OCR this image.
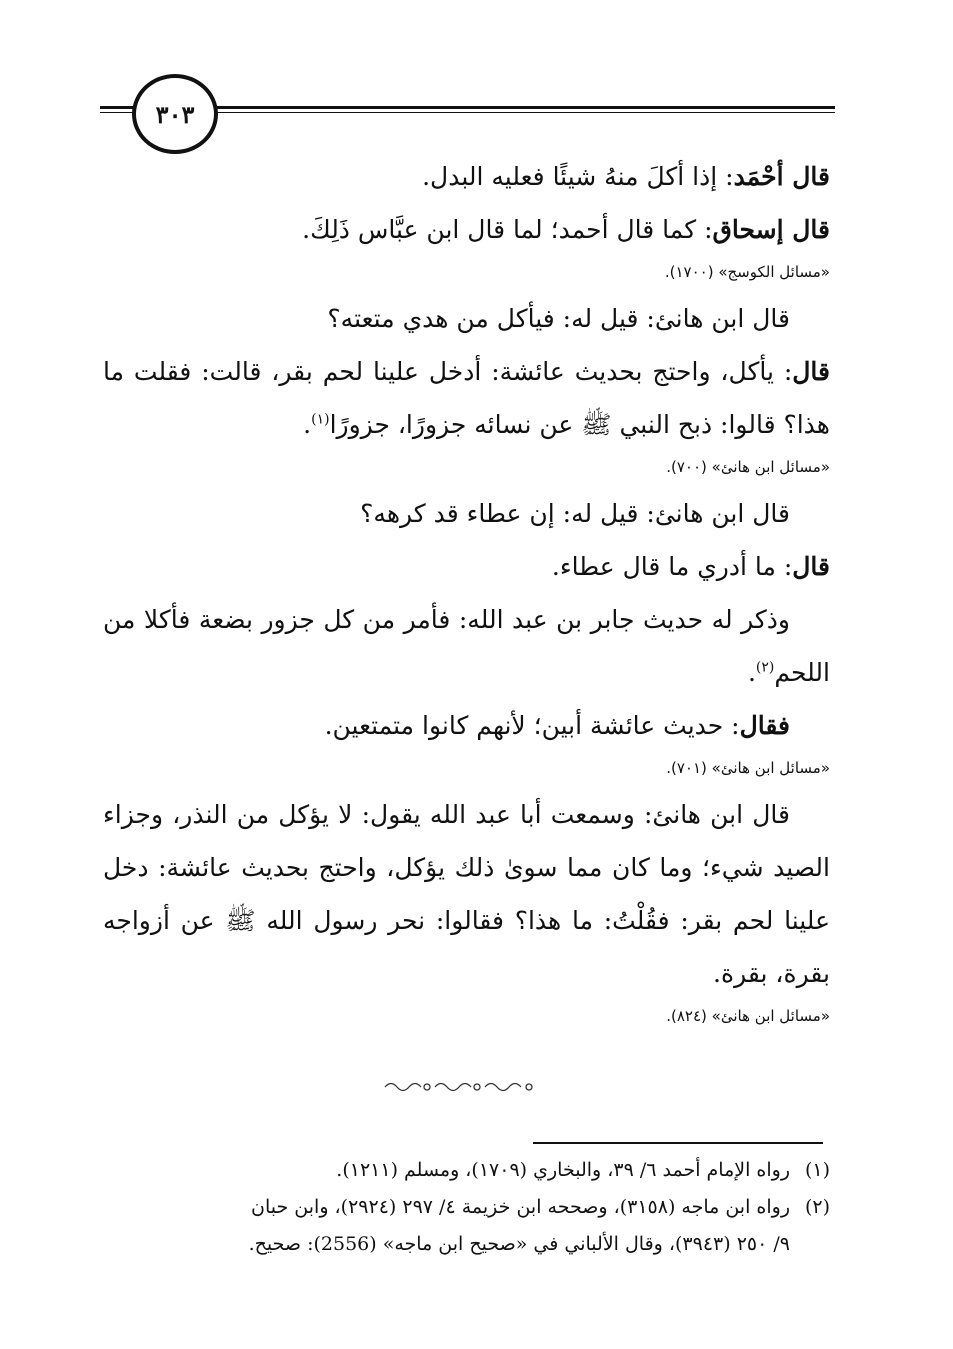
٣٠٣

قال أحْمَد: إذا أكلَ منهُ شيئًا فعليه البدل.

قال إسحاق: كما قال أحمد؛ لما قال ابن عبَّاس ذَلِكَ.

«مسائل الكوسج» (١٧٠٠).

قال ابن هانئ: قيل له: فيأكل من هدي متعته؟

قال: يأكل، واحتج بحديث عائشة: أدخل علينا لحم بقر، قالت: فقلت ما هذا؟ قالوا: ذبح النبي ﷺ عن نسائه جزورًا، جزورًا$^{(١)}$.

«مسائل ابن هانئ» (٧٠٠).

قال ابن هانئ: قيل له: إن عطاء قد كرهه؟

قال: ما أدري ما قال عطاء.

وذكر له حديث جابر بن عبد الله: فأمر من كل جزور بضعة فأكلا من اللحم$^{(٢)}$.

فقال: حديث عائشة أبين؛ لأنهم كانوا متمتعين.

«مسائل ابن هانئ» (٧٠١).

قال ابن هانئ: وسمعت أبا عبد الله يقول: لا يؤكل من النذر، وجزاء الصيد شيء؛ وما كان مما سوىٰ ذلك يؤكل، واحتج بحديث عائشة: دخل علينا لحم بقر: فقُلْتُ: ما هذا؟ فقالوا: نحر رسول الله ﷺ عن أزواجه بقرة، بقرة.

«مسائل ابن هانئ» (٨٢٤).

(١)رواه الإمام أحمد ٦/ ٣٩، والبخاري (١٧٠٩)، ومسلم (١٢١١).

(٢)رواه ابن ماجه (٣١٥٨)، وصححه ابن خزيمة ٤/ ٢٩٧ (٢٩٢٤)، وابن حبان

٩/ ٢٥٠ (٣٩٤٣)، وقال الألباني في «صحيح ابن ماجه» (2556): صحيح.
